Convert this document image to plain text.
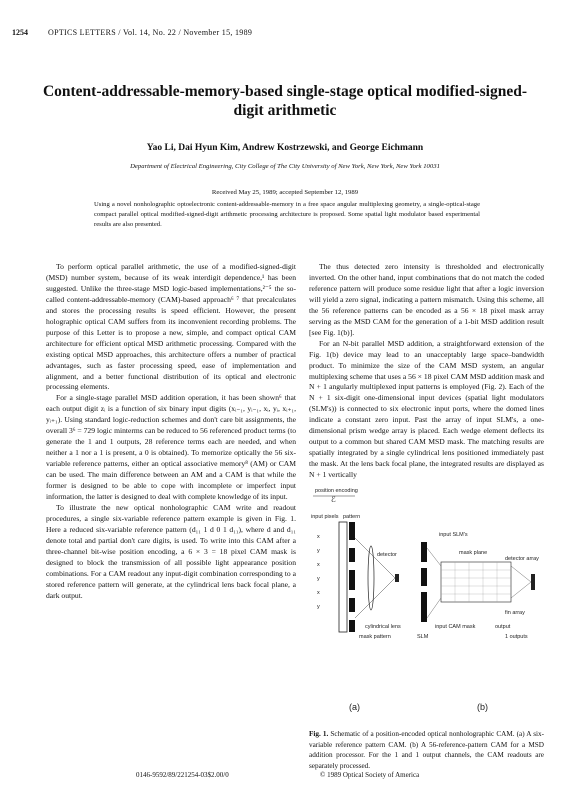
1254	OPTICS LETTERS / Vol. 14, No. 22 / November 15, 1989
Content-addressable-memory-based single-stage optical modified-signed-digit arithmetic
Yao Li, Dai Hyun Kim, Andrew Kostrzewski, and George Eichmann
Department of Electrical Engineering, City College of The City University of New York, New York, New York 10031
Received May 25, 1989; accepted September 12, 1989
Using a novel nonholographic optoelectronic content-addressable-memory in a free space angular multiplexing geometry, a single-optical-stage compact parallel optical modified-signed-digit arithmetic processing architecture is proposed. Some spatial light modulator based experimental results are also presented.

To perform optical parallel arithmetic, the use of a modified-signed-digit (MSD) number system, because of its weak interdigit dependence,¹ has been suggested. Unlike the three-stage MSD logic-based implementations,²⁻⁵ the so-called content-addressable-memory (CAM)-based approach⁶ ⁷ that precalculates and stores the processing results is speed efficient. However, the present holographic optical CAM suffers from its inconvenient recording problems. The purpose of this Letter is to propose a new, simple, and compact optical CAM architecture for efficient optical MSD arithmetic processing. Compared with the existing optical MSD approaches, this architecture offers a number of practical advantages, such as faster processing speed, ease of implementation and alignment, and a better functional distribution of its optical and electronic processing elements.

For a single-stage parallel MSD addition operation, it has been shown⁶ that each output digit zᵢ is a function of six binary input digits (xᵢ₋₁, yᵢ₋₁, xᵢ, yᵢ, xᵢ₊₁, yᵢ₊₁). Using standard logic-reduction schemes and don't care bit assignments, the overall 3⁶ = 729 logic minterms can be reduced to 56 referenced product terms (to generate the 1 and 1 outputs, 28 reference terms each are needed, and when neither a 1 nor a 1 is present, a 0 is obtained). To memorize optically the 56 six-variable reference patterns, either an optical associative memory⁸ (AM) or CAM can be used. The main difference between an AM and a CAM is that while the former is designed to be able to cope with incomplete or imperfect input information, the latter is designed to deal with complete knowledge of its input.

To illustrate the new optical nonholographic CAM write and readout procedures, a single six-variable reference pattern example is given in Fig. 1. Here a reduced six-variable reference pattern (d₁₁ 1 d 0 1 d₁₁), where d and d₁₁ denote total and partial don't care digits, is used. To write into this CAM after a three-channel bit-wise position encoding, a 6 × 3 = 18 pixel CAM mask is designed to block the transmission of all possible light appearance position combinations. For a CAM readout any input-digit combination corresponding to a stored reference pattern will generate, at the cylindrical lens back focal plane, a dark output.

The thus detected zero intensity is thresholded and electronically inverted. On the other hand, input combinations that do not match the coded reference pattern will produce some residue light that after a logic inversion will yield a zero signal, indicating a pattern mismatch. Using this scheme, all the 56 reference patterns can be encoded as a 56 × 18 pixel mask array serving as the MSD CAM for the generation of a 1-bit MSD addition result [see Fig. 1(b)].

For an N-bit parallel MSD addition, a straightforward extension of the Fig. 1(b) device may lead to an unacceptably large space–bandwidth product. To minimize the size of the CAM MSD system, an angular multiplexing scheme that uses a 56 × 18 pixel CAM MSD addition mask and N + 1 angularly multiplexed input patterns is employed (Fig. 2). Each of the N + 1 six-digit one-dimensional input devices (spatial light modulators (SLM's)) is connected to six electronic input ports, where the domed lines indicate a constant zero input. Past the array of input SLM's, a one-dimensional prism wedge array is placed. Each wedge element deflects its output to a common but shared CAM MSD mask. The matching results are spatially integrated by a single cylindrical lens positioned immediately past the mask. At the lens back focal plane, the integrated results are displayed as N + 1 vertically

position encoding
ℰ
input pixels pattern
x
y
x
y
x
y
detector
cylindrical lens
mask pattern
(a)
input SLM's
mask plane
detector array
fin array
input CAM mask
SLM
output
1 outputs
(b)
Fig. 1. Schematic of a position-encoded optical nonholographic CAM. (a) A six-variable reference pattern CAM. (b) A 56-reference-pattern CAM for a MSD addition processor. For the 1 and 1 output channels, the CAM readouts are separately processed.
0146-9592/89/221254-03$2.00/0	© 1989 Optical Society of America
